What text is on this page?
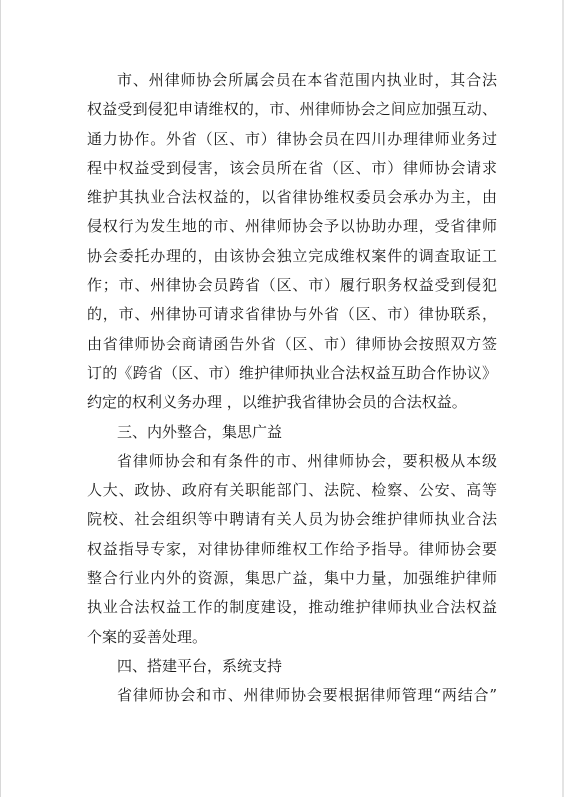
市、州律师协会所属会员在本省范围内执业时，其合法
权益受到侵犯申请维权的，市、州律师协会之间应加强互动、
通力协作。外省（区、市）律协会员在四川办理律师业务过
程中权益受到侵害，该会员所在省（区、市）律师协会请求
维护其执业合法权益的，以省律协维权委员会承办为主，由
侵权行为发生地的市、州律师协会予以协助办理，受省律师
协会委托办理的，由该协会独立完成维权案件的调查取证工
作；市、州律协会员跨省（区、市）履行职务权益受到侵犯
的，市、州律协可请求省律协与外省（区、市）律协联系，
由省律师协会商请函告外省（区、市）律师协会按照双方签
订的《跨省（区、市）维护律师执业合法权益互助合作协议》
约定的权利义务办理 ，以维护我省律协会员的合法权益。
三、内外整合，集思广益
省律师协会和有条件的市、州律师协会，要积极从本级
人大、政协、政府有关职能部门、法院、检察、公安、高等
院校、社会组织等中聘请有关人员为协会维护律师执业合法
权益指导专家，对律协律师维权工作给予指导。律师协会要
整合行业内外的资源，集思广益，集中力量，加强维护律师
执业合法权益工作的制度建设，推动维护律师执业合法权益
个案的妥善处理。
四、搭建平台，系统支持
省律师协会和市、州律师协会要根据律师管理“两结合”
